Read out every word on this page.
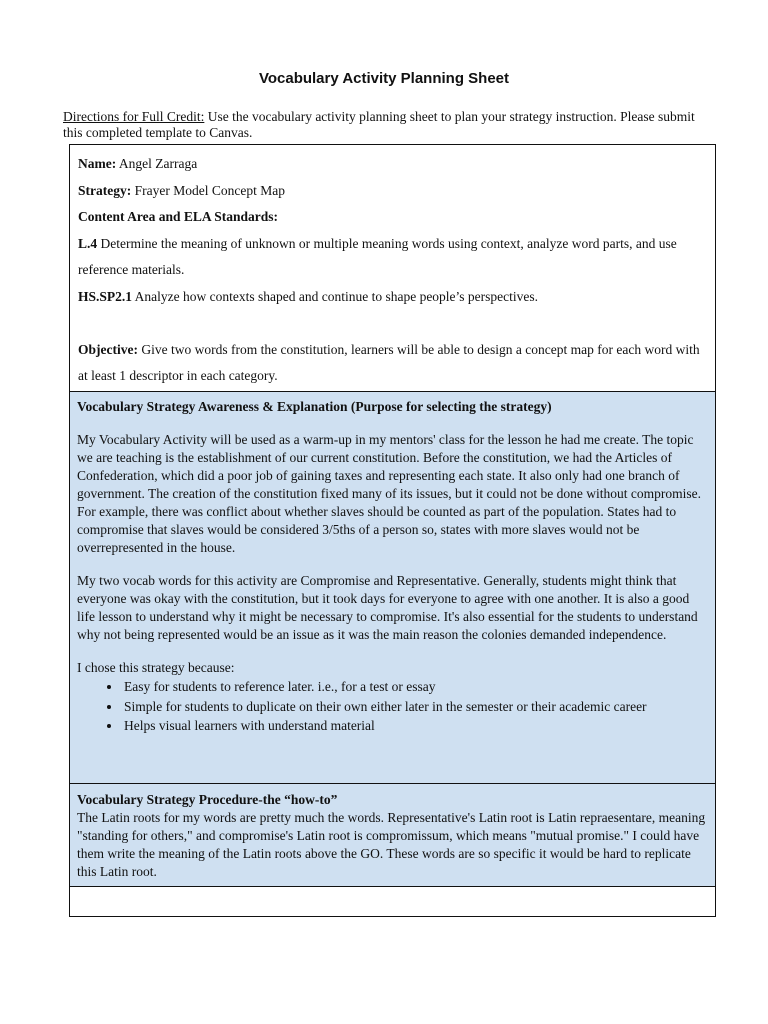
Vocabulary Activity Planning Sheet

Directions for Full Credit: Use the vocabulary activity planning sheet to plan your strategy instruction. Please submit this completed template to Canvas.

Name: Angel Zarraga

Strategy: Frayer Model Concept Map

Content Area and ELA Standards:

L.4 Determine the meaning of unknown or multiple meaning words using context, analyze word parts, and use reference materials.

HS.SP2.1 Analyze how contexts shaped and continue to shape people’s perspectives.

Objective: Give two words from the constitution, learners will be able to design a concept map for each word with at least 1 descriptor in each category.

Vocabulary Strategy Awareness & Explanation (Purpose for selecting the strategy)

My Vocabulary Activity will be used as a warm-up in my mentors' class for the lesson he had me create. The topic we are teaching is the establishment of our current constitution. Before the constitution, we had the Articles of Confederation, which did a poor job of gaining taxes and representing each state. It also only had one branch of government. The creation of the constitution fixed many of its issues, but it could not be done without compromise. For example, there was conflict about whether slaves should be counted as part of the population. States had to compromise that slaves would be considered 3/5ths of a person so, states with more slaves would not be overrepresented in the house.

My two vocab words for this activity are Compromise and Representative. Generally, students might think that everyone was okay with the constitution, but it took days for everyone to agree with one another. It is also a good life lesson to understand why it might be necessary to compromise. It's also essential for the students to understand why not being represented would be an issue as it was the main reason the colonies demanded independence.

I chose this strategy because:

• Easy for students to reference later. i.e., for a test or essay
• Simple for students to duplicate on their own either later in the semester or their academic career
• Helps visual learners with understand material

Vocabulary Strategy Procedure-the “how-to”

The Latin roots for my words are pretty much the words. Representative's Latin root is Latin repraesentare, meaning "standing for others," and compromise's Latin root is compromissum, which means "mutual promise." I could have them write the meaning of the Latin roots above the GO. These words are so specific it would be hard to replicate this Latin root.
